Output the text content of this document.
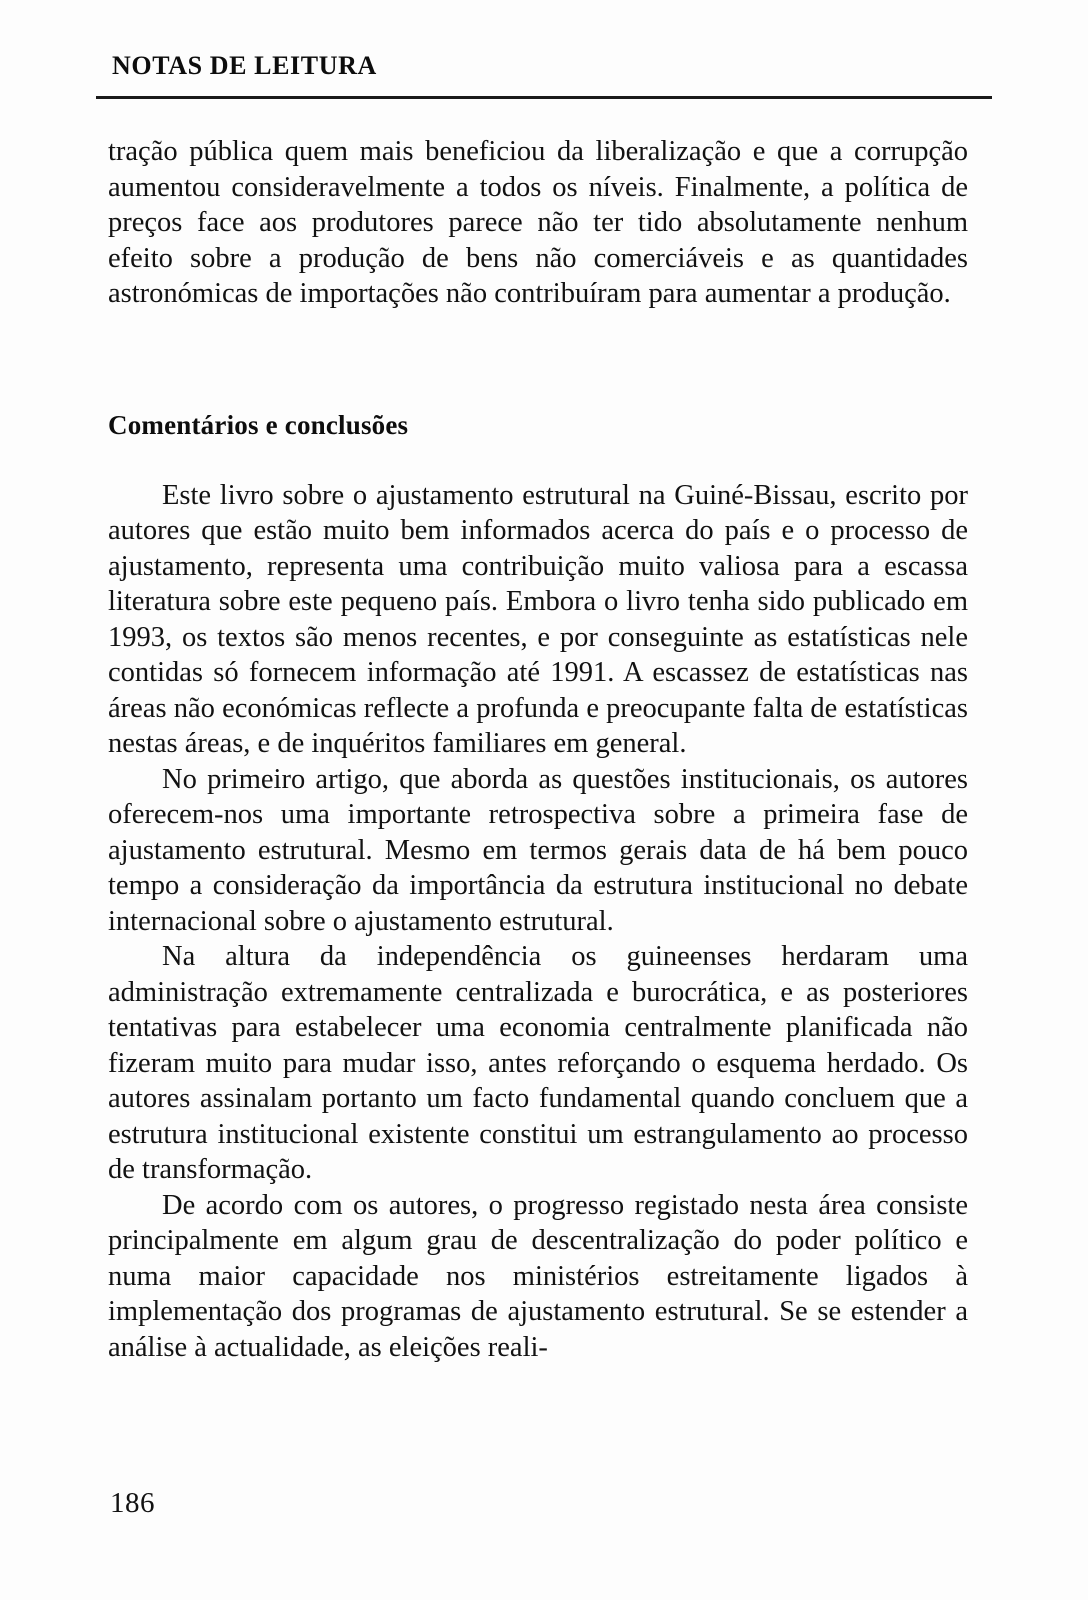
NOTAS DE LEITURA

tração pública quem mais beneficiou da liberalização e que a corrupção aumentou consideravelmente a todos os níveis. Finalmente, a política de preços face aos produtores parece não ter tido absolutamente nenhum efeito sobre a produção de bens não comerciáveis e as quantidades astronómicas de importações não contribuíram para aumentar a produção.

Comentários e conclusões

Este livro sobre o ajustamento estrutural na Guiné-Bissau, escrito por autores que estão muito bem informados acerca do país e o processo de ajustamento, representa uma contribuição muito valiosa para a escassa literatura sobre este pequeno país. Embora o livro tenha sido publicado em 1993, os textos são menos recentes, e por conseguinte as estatísticas nele contidas só fornecem informação até 1991. A escassez de estatísticas nas áreas não económicas reflecte a profunda e preocupante falta de estatísticas nestas áreas, e de inquéritos familiares em general.

No primeiro artigo, que aborda as questões institucionais, os autores oferecem-nos uma importante retrospectiva sobre a primeira fase de ajustamento estrutural. Mesmo em termos gerais data de há bem pouco tempo a consideração da importância da estrutura institucional no debate internacional sobre o ajustamento estrutural.

Na altura da independência os guineenses herdaram uma administração extremamente centralizada e burocrática, e as posteriores tentativas para estabelecer uma economia centralmente planificada não fizeram muito para mudar isso, antes reforçando o esquema herdado. Os autores assinalam portanto um facto fundamental quando concluem que a estrutura institucional existente constitui um estrangulamento ao processo de transformação.

De acordo com os autores, o progresso registado nesta área consiste principalmente em algum grau de descentralização do poder político e numa maior capacidade nos ministérios estreitamente ligados à implementação dos programas de ajustamento estrutural. Se se estender a análise à actualidade, as eleições reali-

186
